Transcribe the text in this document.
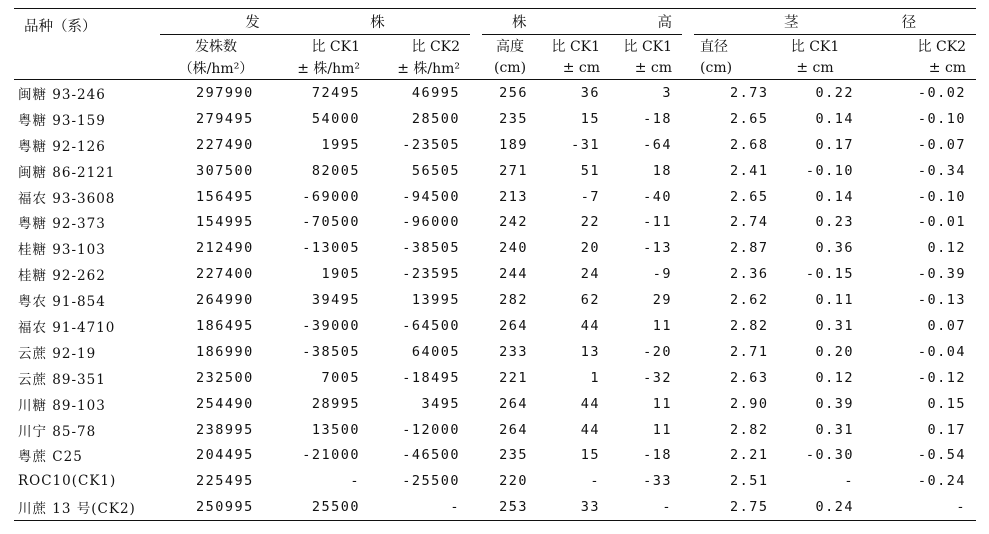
品种（系）	发 株				株 高				茎 径		

	发株数	比 CK1	比 CK2		高度	比 CK1	比 CK1		直径	比 CK1	比 CK2
	（株/hm²）	± 株/hm²	± 株/hm²		(cm)	± cm	± cm		(cm)	± cm	± cm
闽糖 93-246	297990	72495	46995		256	36	3		2.73	0.22	-0.02
粤糖 93-159	279495	54000	28500		235	15	-18		2.65	0.14	-0.10
粤糖 92-126	227490	1995	-23505		189	-31	-64		2.68	0.17	-0.07
闽糖 86-2121	307500	82005	56505		271	51	18		2.41	-0.10	-0.34
福农 93-3608	156495	-69000	-94500		213	-7	-40		2.65	0.14	-0.10
粤糖 92-373	154995	-70500	-96000		242	22	-11		2.74	0.23	-0.01
桂糖 93-103	212490	-13005	-38505		240	20	-13		2.87	0.36	0.12
桂糖 92-262	227400	1905	-23595		244	24	-9		2.36	-0.15	-0.39
粤农 91-854	264990	39495	13995		282	62	29		2.62	0.11	-0.13
福农 91-4710	186495	-39000	-64500		264	44	11		2.82	0.31	0.07
云蔗 92-19	186990	-38505	64005		233	13	-20		2.71	0.20	-0.04
云蔗 89-351	232500	7005	-18495		221	1	-32		2.63	0.12	-0.12
川糖 89-103	254490	28995	3495		264	44	11		2.90	0.39	0.15
川宁 85-78	238995	13500	-12000		264	44	11		2.82	0.31	0.17
粤蔗 C25	204495	-21000	-46500		235	15	-18		2.21	-0.30	-0.54
ROC10(CK1)	225495	-	-25500		220	-	-33		2.51	-	-0.24
川蔗 13 号(CK2)	250995	25500	-		253	33	-		2.75	0.24	-
